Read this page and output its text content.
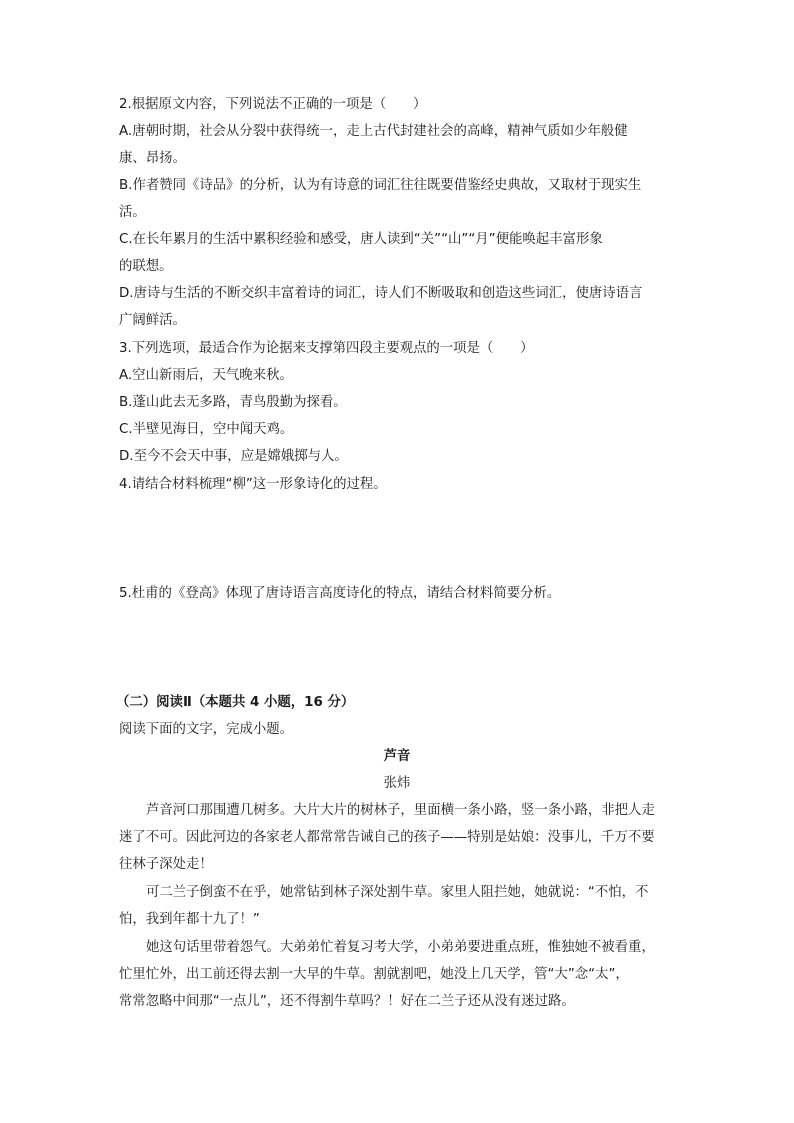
2.根据原文内容，下列说法不正确的一项是（　　）
A.唐朝时期，社会从分裂中获得统一，走上古代封建社会的高峰，精神气质如少年般健
康、昂扬。
B.作者赞同《诗品》的分析，认为有诗意的词汇往往既要借鉴经史典故，又取材于现实生
活。
C.在长年累月的生活中累积经验和感受，唐人读到“关”“山”“月”便能唤起丰富形象
的联想。
D.唐诗与生活的不断交织丰富着诗的词汇，诗人们不断吸取和创造这些词汇，使唐诗语言
广阔鲜活。
3.下列选项，最适合作为论据来支撑第四段主要观点的一项是（　　）
A.空山新雨后，天气晚来秋。
B.蓬山此去无多路，青鸟殷勤为探看。
C.半壁见海日，空中闻天鸡。
D.至今不会天中事，应是嫦娥掷与人。
4.请结合材料梳理“柳”这一形象诗化的过程。
5.杜甫的《登高》体现了唐诗语言高度诗化的特点，请结合材料简要分析。
（二）阅读Ⅱ（本题共 4 小题，16 分）
阅读下面的文字，完成小题。
芦音
张炜
芦音河口那围遭几树多。大片大片的树林子，里面横一条小路，竖一条小路，非把人走
迷了不可。因此河边的各家老人都常常告诫自己的孩子——特别是姑娘：没事儿，千万不要
往林子深处走！
可二兰子倒蛮不在乎，她常钻到林子深处割牛草。家里人阻拦她，她就说：“不怕，不
怕，我到年都十九了！”
她这句话里带着怨气。大弟弟忙着复习考大学，小弟弟要进重点班，惟独她不被看重，
忙里忙外，出工前还得去割一大早的牛草。割就割吧，她没上几天学，管“大”念“太”，
常常忽略中间那“一点儿”，还不得割牛草吗？！好在二兰子还从没有迷过路。
